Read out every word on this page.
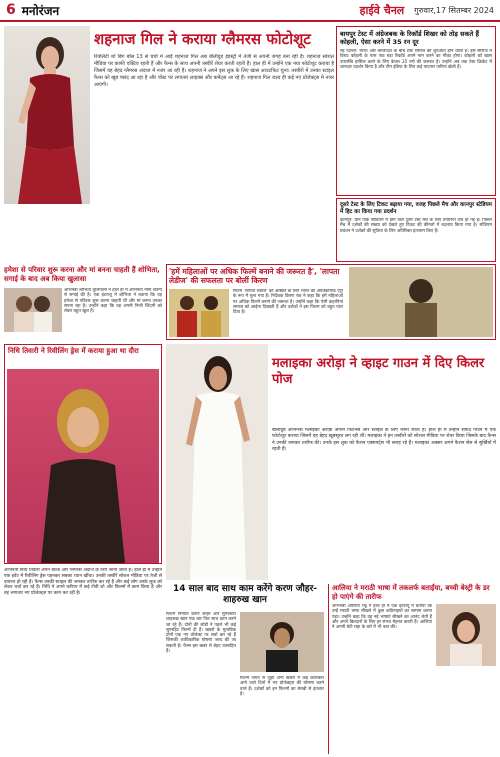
6 मनोरंजन	हाईवे चैनल गुरुवार,17 सितम्बर 2024
शहनाज गिल ने कराया ग्लैमरस फोटोशूट
रियलिटी शो बिग बॉस 13 से चर्चा में आईं शहनाज गिल अब बॉलीवुड इंडस्ट्री में तेजी से अपनी जगह बना रही हैं। शहनाज सोशल मीडिया पर काफी एक्टिव रहती हैं और फैन्स के साथ अपनी तस्वीरें शेयर करती रहती हैं। हाल ही में उन्होंने एक नया फोटोशूट कराया है जिसमें वह बेहद ग्लैमरस अंदाज में नजर आ रही हैं। शहनाज ने अपने इस लुक के लिए खास आउटफिट चुना। तस्वीरों में उनका स्टाइल फैन्स को खूब पसंद आ रहा है और पोस्ट पर लगातार लाइक्स और कमेंट्स आ रहे हैं। शहनाज गिल जल्द ही कई नए प्रोजेक्ट्स में नजर आएंगी।
बायपुर टेस्ट में अंग्रेजबक के रिकॉर्ड शिखर को तोड़ सकते हैं कोहली, ऐसा करने में 35 रन दूर
नई दिल्ली: भारत और बांग्लादेश के बीच टेस्ट सीरीज की शुरुआत होने वाली है। इस सीरीज में विराट कोहली के पास एक बड़ा रिकॉर्ड अपने नाम करने का मौका होगा। कोहली को खास उपलब्धि हासिल करने के लिए केवल 35 रनों की जरूरत है। उन्होंने अब तक टेस्ट क्रिकेट में शानदार प्रदर्शन किया है और टीम इंडिया के लिए कई यादगार पारियां खेली हैं।
दूसरे टेस्ट के लिए टिकट बढ़ाया गया, वजह पिछले मैच और कानपुर स्टेडियम में हिट का किया गया प्रदर्शन
कानपुर: ग्रीन पार्क स्टेडियम में होने वाले दूसरे टेस्ट मैच के लिए तैयारियां तेज हो गई हैं। पिछले मैच में दर्शकों की संख्या को देखते हुए टिकट की कीमतों में बदलाव किया गया है। स्टेडियम प्रबंधन ने दर्शकों की सुविधा के लिए अतिरिक्त इंतजाम किए हैं।
हमेशा से परिवार शुरू करना और मां बनना चाहती हैं शोभिता, सगाई के बाद अब किया खुलासा
अभिनेत्री शोभिता धुलिपाला ने हाल ही में अभिनेता नागा चैतन्य से सगाई की है। एक इंटरव्यू में शोभिता ने बताया कि वह हमेशा से परिवार शुरू करना चाहती थीं और मां बनना उनका सपना रहा है। उन्होंने कहा कि वह अपनी निजी जिंदगी को लेकर बहुत खुश हैं।
'हमें महिलाओं पर अधिक फिल्में बनाने की जरूरत है', 'लापता लेडीज' की सफलता पर बोलीं किरण
फिल्म 'लापता लेडीज' को ऑस्कर के लिए भारत की आधिकारिक एंट्री के रूप में चुना गया है। निर्देशक किरण राव ने कहा कि हमें महिलाओं पर अधिक फिल्में बनाने की जरूरत है। उन्होंने कहा कि ऐसी कहानियां समाज को आईना दिखाती हैं और दर्शकों ने इस फिल्म को बहुत प्यार दिया है।
निधि तिवारी ने रिवीलिंग ड्रेस में कराया हुआ था दौरा
अभिनेत्री निधि तिवारी अपने बोल्ड और ग्लैमरस अंदाज के लिए जानी जाती हैं। हाल ही में उन्होंने एक इवेंट में रिवीलिंग ड्रेस पहनकर सबका ध्यान खींचा। उनकी तस्वीरें सोशल मीडिया पर तेजी से वायरल हो रही हैं। फैन्स उनकी स्टाइल की जमकर तारीफ कर रहे हैं और कई लोग उनके लुक को लेकर चर्चा कर रहे हैं। निधि ने अपने करियर में कई टीवी शो और फिल्मों में काम किया है और वह लगातार नए प्रोजेक्ट्स पर काम कर रही हैं।
मलाइका अरोड़ा ने व्हाइट गाउन में दिए किलर पोज
बॉलीवुड अभिनेत्री मलाइका अरोड़ा अपनी फिटनेस और स्टाइल के लिए जानी जाती हैं। हाल ही में उन्होंने सफेद गाउन में एक फोटोशूट कराया जिसमें वह बेहद खूबसूरत लग रही थीं। मलाइका ने इन तस्वीरों को सोशल मीडिया पर शेयर किया जिसके बाद फैन्स ने उनकी जमकर तारीफ की। उनके इस लुक को फैशन एक्सपर्ट्स भी सराह रहे हैं। मलाइका अक्सर अपने फैशन सेंस से सुर्खियों में रहती हैं।
14 साल बाद साथ काम करेंगे करण जौहर-शाहरुख खान
फिल्म निर्माता करण जौहर और सुपरस्टार शाहरुख खान एक बार फिर साथ काम करने जा रहे हैं। दोनों की जोड़ी ने पहले भी कई सुपरहिट फिल्में दी हैं। खबरों के मुताबिक दोनों एक नए प्रोजेक्ट पर चर्चा कर रहे हैं जिसकी आधिकारिक घोषणा जल्द की जा सकती है। फैन्स इस खबर से बेहद उत्साहित हैं।
फिल्म जगत से जुड़ी अन्य खबरों में कई कलाकार आने वाले दिनों में नए प्रोजेक्ट्स की घोषणा करने वाले हैं। दर्शकों को इन फिल्मों का बेसब्री से इंतजार है।
आलिया ने मराठी भाषा में तकलर्फ बताईंया, बच्ची बेस्ट्री के डर हो पाएंगे की तारीफ
अभिनेत्री आलिया भट्ट ने हाल ही में एक इंटरव्यू में बताया कि उन्हें मराठी भाषा सीखने में कुछ कठिनाइयों का सामना करना पड़ा। उन्होंने कहा कि वह नई भाषाएं सीखने का आनंद लेती हैं और अपने किरदारों के लिए हर संभव मेहनत करती हैं। आलिया ने अपनी बेटी राहा के बारे में भी बात की।
